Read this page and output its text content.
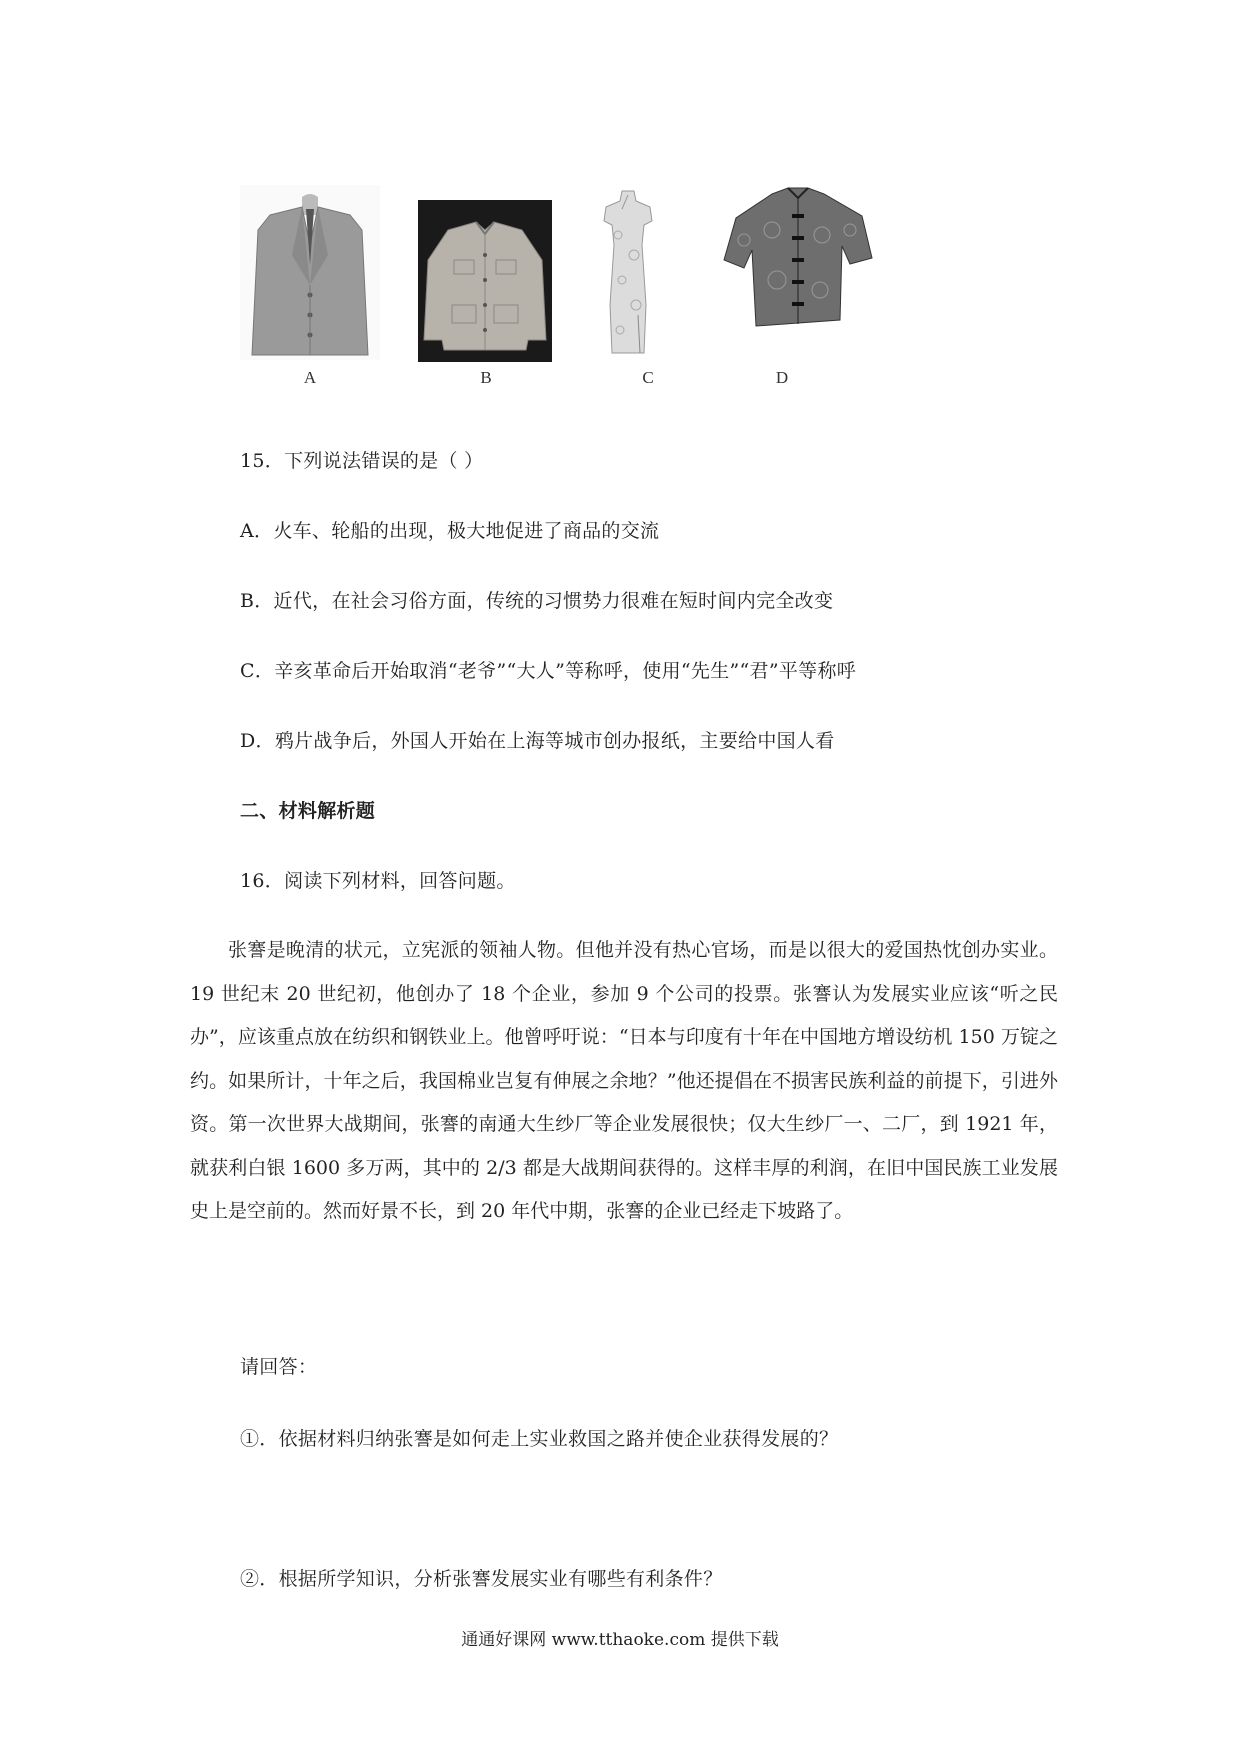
A	B	C	D
15．下列说法错误的是（ ）
A．火车、轮船的出现，极大地促进了商品的交流
B．近代，在社会习俗方面，传统的习惯势力很难在短时间内完全改变
C．辛亥革命后开始取消“老爷”“大人”等称呼，使用“先生”“君”平等称呼
D．鸦片战争后，外国人开始在上海等城市创办报纸，主要给中国人看
二、材料解析题
16．阅读下列材料，回答问题。
张謇是晚清的状元，立宪派的领袖人物。但他并没有热心官场，而是以很大的爱国热忱创办实业。19 世纪末 20 世纪初，他创办了 18 个企业，参加 9 个公司的投票。张謇认为发展实业应该“听之民办”，应该重点放在纺织和钢铁业上。他曾呼吁说：“日本与印度有十年在中国地方增设纺机 150 万锭之约。如果所计，十年之后，我国棉业岂复有伸展之余地？”他还提倡在不损害民族利益的前提下，引进外资。第一次世界大战期间，张謇的南通大生纱厂等企业发展很快；仅大生纱厂一、二厂，到 1921 年，就获利白银 1600 多万两，其中的 2/3 都是大战期间获得的。这样丰厚的利润，在旧中国民族工业发展史上是空前的。然而好景不长，到 20 年代中期，张謇的企业已经走下坡路了。
请回答：
①．依据材料归纳张謇是如何走上实业救国之路并使企业获得发展的？
②．根据所学知识，分析张謇发展实业有哪些有利条件？
通通好课网 www.tthaoke.com 提供下载
